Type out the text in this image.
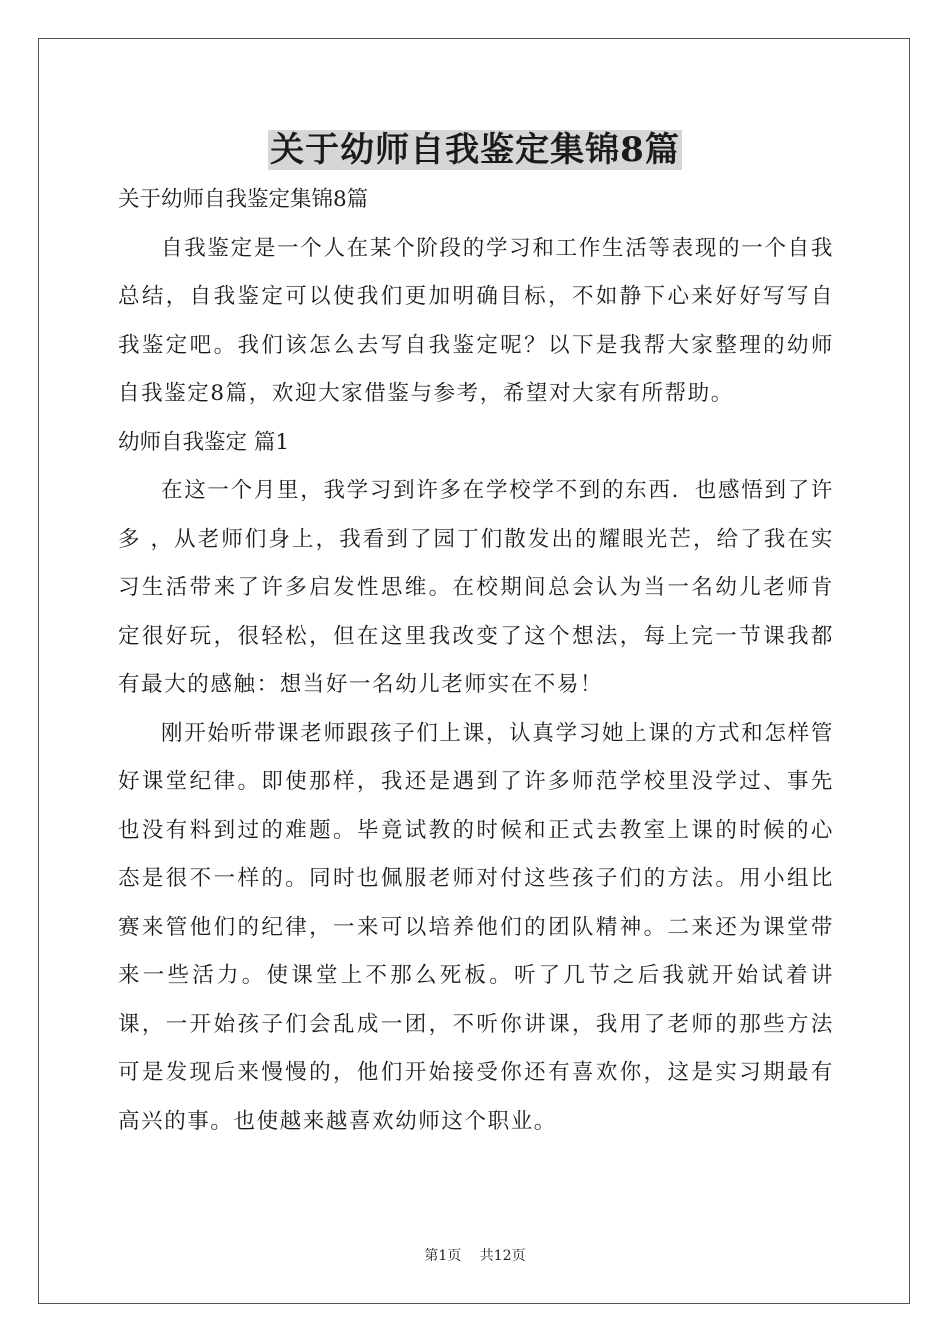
关于幼师自我鉴定集锦8篇

关于幼师自我鉴定集锦8篇

自我鉴定是一个人在某个阶段的学习和工作生活等表现的一个自我总结，自我鉴定可以使我们更加明确目标，不如静下心来好好写写自我鉴定吧。我们该怎么去写自我鉴定呢？以下是我帮大家整理的幼师自我鉴定8篇，欢迎大家借鉴与参考，希望对大家有所帮助。

幼师自我鉴定 篇1

在这一个月里，我学习到许多在学校学不到的东西．也感悟到了许多 ，从老师们身上，我看到了园丁们散发出的耀眼光芒，给了我在实习生活带来了许多启发性思维。在校期间总会认为当一名幼儿老师肯定很好玩，很轻松，但在这里我改变了这个想法，每上完一节课我都有最大的感触：想当好一名幼儿老师实在不易！

刚开始听带课老师跟孩子们上课，认真学习她上课的方式和怎样管好课堂纪律。即使那样，我还是遇到了许多师范学校里没学过、事先也没有料到过的难题。毕竟试教的时候和正式去教室上课的时候的心态是很不一样的。同时也佩服老师对付这些孩子们的方法。用小组比赛来管他们的纪律，一来可以培养他们的团队精神。二来还为课堂带来一些活力。使课堂上不那么死板。听了几节之后我就开始试着讲课，一开始孩子们会乱成一团，不听你讲课，我用了老师的那些方法可是发现后来慢慢的，他们开始接受你还有喜欢你，这是实习期最有高兴的事。也使越来越喜欢幼师这个职业。

第1页 共12页
